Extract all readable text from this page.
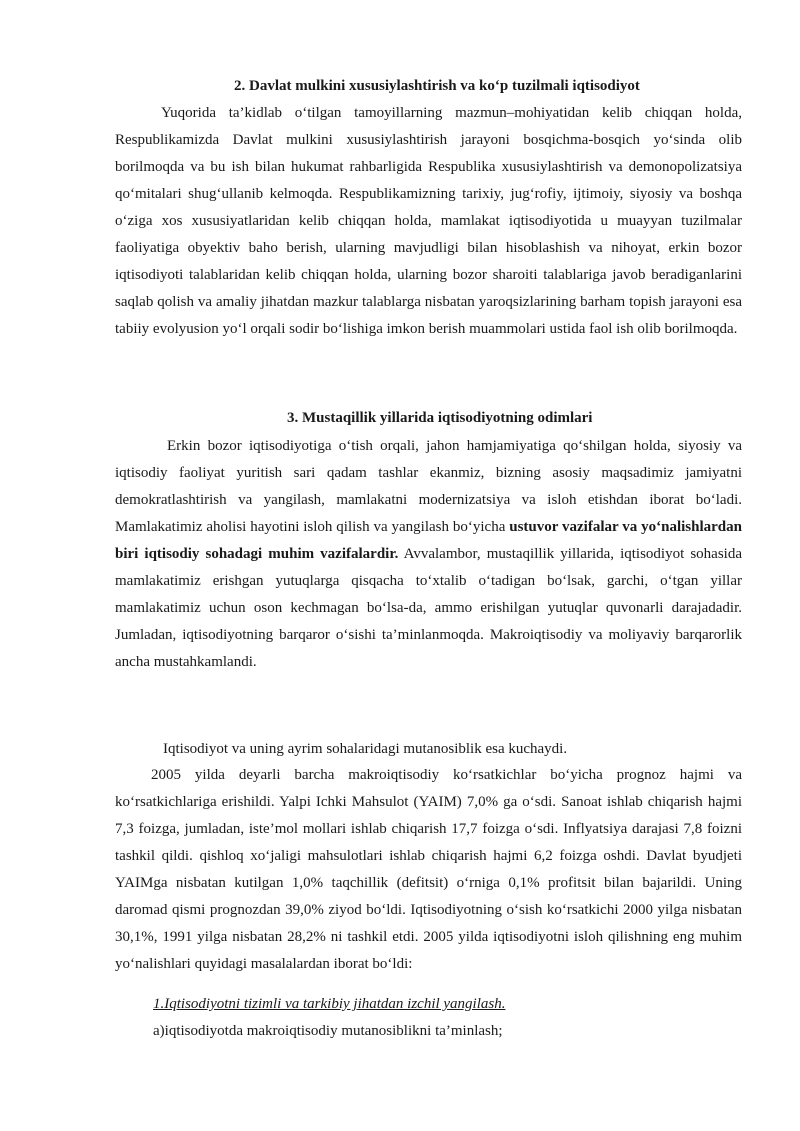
2. Davlat mulkini xususiylashtirish va ko‘p tuzilmali iqtisodiyot

Yuqorida ta’kidlab o‘tilgan tamoyillarning mazmun–mohiyatidan kelib chiqqan holda, Respublikamizda Davlat mulkini xususiylashtirish jarayoni bosqichma-bosqich yo‘sinda olib borilmoqda va bu ish bilan hukumat rahbarligida Respublika xususiylashtirish va demonopolizatsiya qo‘mitalari shug‘ullanib kelmoqda. Respublikamizning tarixiy, jug‘rofiy, ijtimoiy, siyosiy va boshqa o‘ziga xos xususiyatlaridan kelib chiqqan holda, mamlakat iqtisodiyotida u muayyan tuzilmalar faoliyatiga obyektiv baho berish, ularning mavjudligi bilan hisoblashish va nihoyat, erkin bozor iqtisodiyoti talablaridan kelib chiqqan holda, ularning bozor sharoiti talablariga javob beradiganlarini saqlab qolish va amaliy jihatdan mazkur talablarga nisbatan yaroqsizlarining barham topish jarayoni esa tabiiy evolyusion yo‘l orqali sodir bo‘lishiga imkon berish muammolari ustida faol ish olib borilmoqda.

3. Mustaqillik yillarida iqtisodiyotning odimlari

Erkin bozor iqtisodiyotiga o‘tish orqali, jahon hamjamiyatiga qo‘shilgan holda, siyosiy va iqtisodiy faoliyat yuritish sari qadam tashlar ekanmiz, bizning asosiy maqsadimiz jamiyatni demokratlashtirish va yangilash, mamlakatni modernizatsiya va isloh etishdan iborat bo‘ladi. Mamlakatimiz aholisi hayotini isloh qilish va yangilash bo‘yicha ustuvor vazifalar va yo‘nalishlardan biri iqtisodiy sohadagi muhim vazifalardir. Avvalambor, mustaqillik yillarida, iqtisodiyot sohasida mamlakatimiz erishgan yutuqlarga qisqacha to‘xtalib o‘tadigan bo‘lsak, garchi, o‘tgan yillar mamlakatimiz uchun oson kechmagan bo‘lsa-da, ammo erishilgan yutuqlar quvonarli darajadadir. Jumladan, iqtisodiyotning barqaror o‘sishi ta’minlanmoqda. Makroiqtisodiy va moliyaviy barqarorlik ancha mustahkamlandi.

Iqtisodiyot va uning ayrim sohalaridagi mutanosiblik esa kuchaydi.

2005 yilda deyarli barcha makroiqtisodiy ko‘rsatkichlar bo‘yicha prognoz hajmi va ko‘rsatkichlariga erishildi. Yalpi Ichki Mahsulot (YAIM) 7,0% ga o‘sdi. Sanoat ishlab chiqarish hajmi 7,3 foizga, jumladan, iste’mol mollari ishlab chiqarish 17,7 foizga o‘sdi. Inflyatsiya darajasi 7,8 foizni tashkil qildi. qishloq xo‘jaligi mahsulotlari ishlab chiqarish hajmi 6,2 foizga oshdi. Davlat byudjeti YAIMga nisbatan kutilgan 1,0% taqchillik (defitsit) o‘rniga 0,1% profitsit bilan bajarildi. Uning daromad qismi prognozdan 39,0% ziyod bo‘ldi. Iqtisodiyotning o‘sish ko‘rsatkichi 2000 yilga nisbatan 30,1%, 1991 yilga nisbatan 28,2% ni tashkil etdi. 2005 yilda iqtisodiyotni isloh qilishning eng muhim yo‘nalishlari quyidagi masalalardan iborat bo‘ldi:

1.Iqtisodiyotni tizimli va tarkibiy jihatdan izchil yangilash.
a)iqtisodiyotda makroiqtisodiy mutanosiblikni ta’minlash;
